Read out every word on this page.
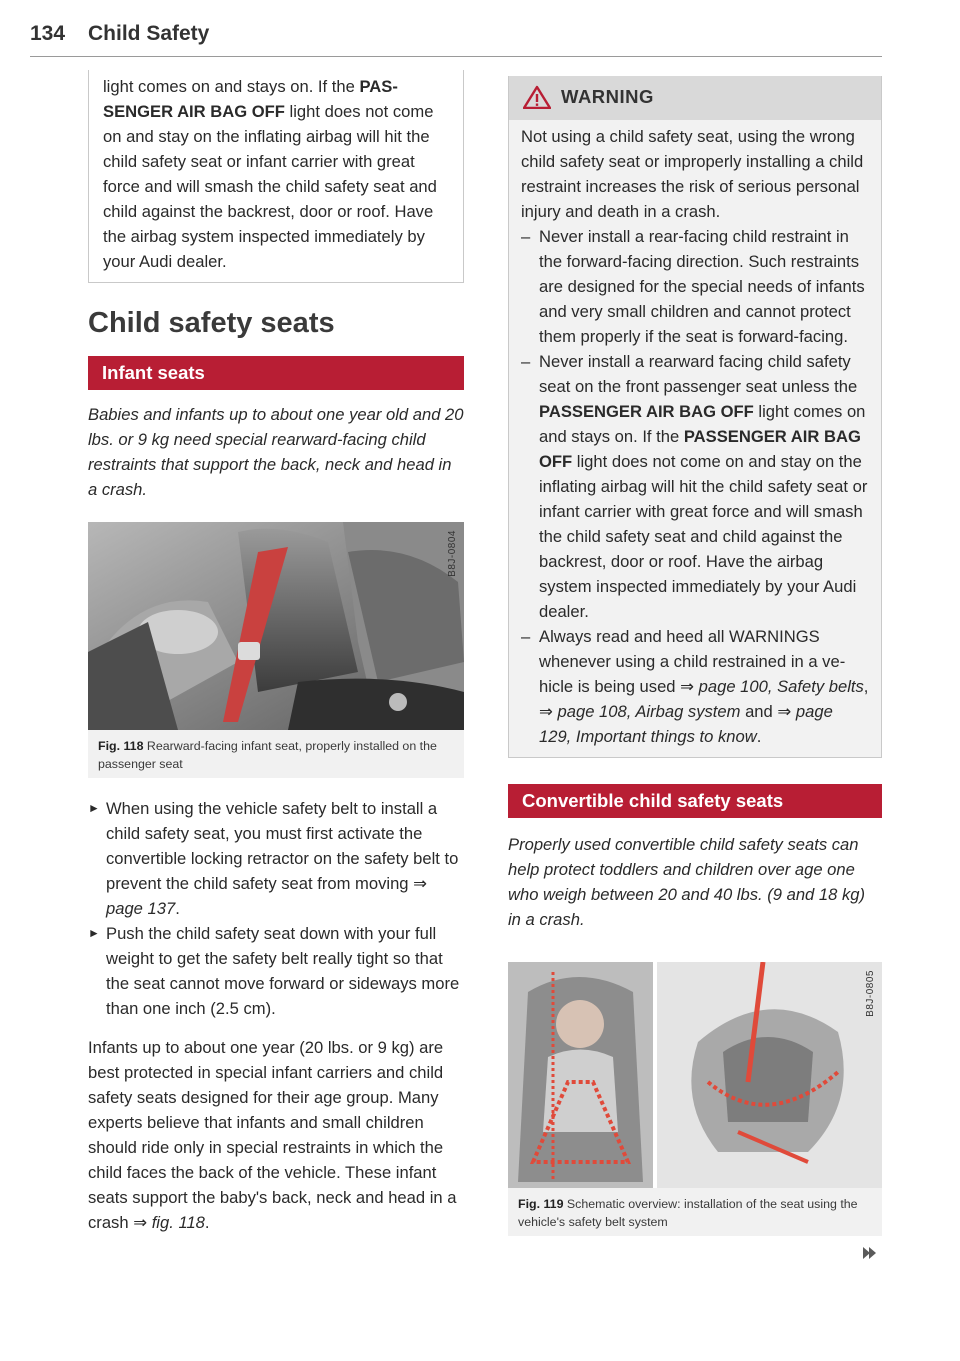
134 Child Safety

light comes on and stays on. If the PASSENGER AIR BAG OFF light does not come on and stay on the inflating airbag will hit the child safety seat or infant carrier with great force and will smash the child safety seat and child against the backrest, door or roof. Have the airbag system inspected immediately by your Audi dealer.

Child safety seats
Infant seats

Babies and infants up to about one year old and 20 lbs. or 9 kg need special rearward-facing child restraints that support the back, neck and head in a crash.

B8J-0804
Fig. 118 Rearward-facing infant seat, properly installed on the passenger seat
► When using the vehicle safety belt to install a child safety seat, you must first activate the convertible locking retractor on the safety belt to prevent the child safety seat from moving ⇒ page 137.
► Push the child safety seat down with your full weight to get the safety belt really tight so that the seat cannot move forward or sideways more than one inch (2.5 cm).

Infants up to about one year (20 lbs. or 9 kg) are best protected in special infant carriers and child safety seats designed for their age group. Many experts believe that infants and small children should ride only in special restraints in which the child faces the back of the vehicle. These infant seats support the baby's back, neck and head in a crash ⇒ fig. 118.

WARNING

Not using a child safety seat, using the wrong child safety seat or improperly installing a child restraint increases the risk of serious personal injury and death in a crash.

– Never install a rear-facing child restraint in the forward-facing direction. Such restraints are designed for the special needs of infants and very small children and cannot protect them properly if the seat is forward-facing.
– Never install a rearward facing child safety seat on the front passenger seat unless the PASSENGER AIR BAG OFF light comes on and stays on. If the PASSENGER AIR BAG OFF light does not come on and stay on the inflating airbag will hit the child safety seat or infant carrier with great force and will smash the child safety seat and child against the backrest, door or roof. Have the airbag system inspected immediately by your Audi dealer.
– Always read and heed all WARNINGS whenever using a child restrained in a vehicle is being used ⇒ page 100, Safety belts, ⇒ page 108, Airbag system and ⇒ page 129, Important things to know.
Convertible child safety seats

Properly used convertible child safety seats can help protect toddlers and children over age one who weigh between 20 and 40 lbs. (9 and 18 kg) in a crash.

B8J-0805
Fig. 119 Schematic overview: installation of the seat using the vehicle's safety belt system
